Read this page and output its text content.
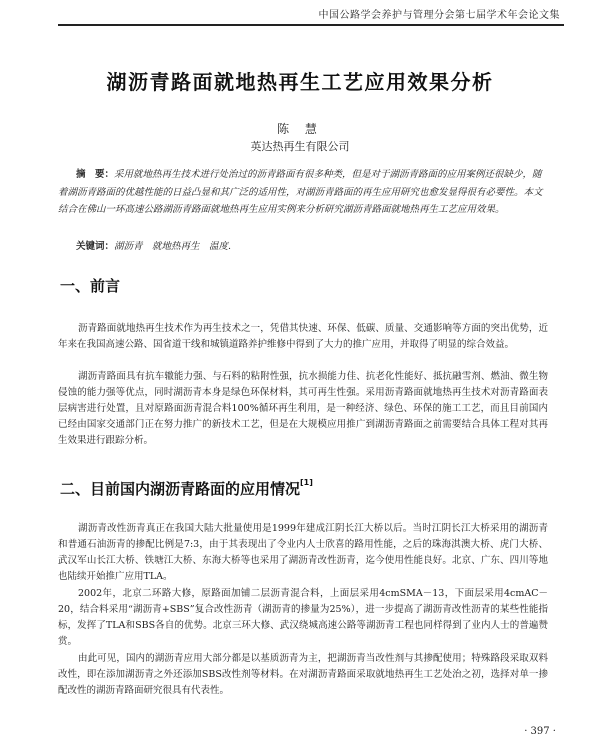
中国公路学会养护与管理分会第七届学术年会论文集
湖沥青路面就地热再生工艺应用效果分析
陈 慧
英达热再生有限公司

摘　要：采用就地热再生技术进行处治过的沥青路面有很多种类，但是对于湖沥青路面的应用案例还很缺少，随着湖沥青路面的优越性能的日益凸显和其广泛的适用性，对湖沥青路面的再生应用研究也愈发显得很有必要性。本文结合在佛山一环高速公路湖沥青路面就地热再生应用实例来分析研究湖沥青路面就地热再生工艺应用效果。

关键词：湖沥青　就地热再生　温度.
一、前言

沥青路面就地热再生技术作为再生技术之一，凭借其快速、环保、低碳、质量、交通影响等方面的突出优势，近年来在我国高速公路、国省道干线和城镇道路养护维修中得到了大力的推广应用，并取得了明显的综合效益。

湖沥青路面具有抗车辙能力强、与石料的粘附性强，抗水损能力佳、抗老化性能好、抵抗融雪剂、燃油、微生物侵蚀的能力强等优点，同时湖沥青本身是绿色环保材料，其可再生性强。采用沥青路面就地热再生技术对沥青路面表层病害进行处置，且对原路面沥青混合料100%循环再生利用，是一种经济、绿色、环保的施工工艺，而且目前国内已经由国家交通部门正在努力推广的新技术工艺，但是在大规模应用推广到湖沥青路面之前需要结合具体工程对其再生效果进行跟踪分析。

二、目前国内湖沥青路面的应用情况[1]

湖沥青改性沥青真正在我国大陆大批量使用是1999年建成江阴长江大桥以后。当时江阴长江大桥采用的湖沥青和普通石油沥青的掺配比例是7:3，由于其表现出了令业内人士欣喜的路用性能，之后的珠海淇澳大桥、虎门大桥、武汉军山长江大桥、铁塘江大桥、东海大桥等也采用了湖沥青改性沥青，迄今使用性能良好。北京、广东、四川等地也陆续开始推广应用TLA。

2002年，北京二环路大修，原路面加铺二层沥青混合料，上面层采用4cmSMA－13，下面层采用4cmAC－20，结合料采用“湖沥青+SBS”复合改性沥青（湖沥青的掺量为25%），进一步提高了湖沥青改性沥青的某些性能指标，发挥了TLA和SBS各自的优势。北京三环大修、武汉绕城高速公路等湖沥青工程也同样得到了业内人士的普遍赞赏。

由此可见，国内的湖沥青应用大部分都是以基质沥青为主，把湖沥青当改性剂与其掺配使用；特殊路段采取双料改性，即在添加湖沥青之外还添加SBS改性剂等材料。在对湖沥青路面采取就地热再生工艺处治之初，选择对单一掺配改性的湖沥青路面研究很具有代表性。

· 397 ·
